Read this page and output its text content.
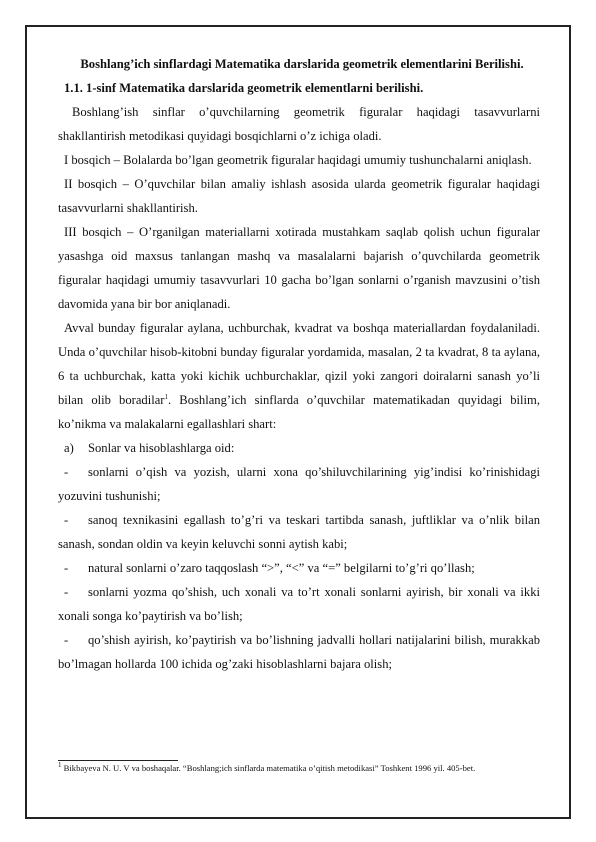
Boshlang’ich sinflardagi Matematika darslarida geometrik elementlarini Berilishi.

1.1. 1-sinf Matematika darslarida geometrik elementlarni berilishi.

Boshlang’ish sinflar o’quvchilarning geometrik figuralar haqidagi tasavvurlarni shakllantirish metodikasi quyidagi bosqichlarni o’z ichiga oladi.

I bosqich – Bolalarda bo’lgan geometrik figuralar haqidagi umumiy tushunchalarni aniqlash.

II bosqich – O’quvchilar bilan amaliy ishlash asosida ularda geometrik figuralar haqidagi tasavvurlarni shakllantirish.

III bosqich – O’rganilgan materiallarni xotirada mustahkam saqlab qolish uchun figuralar yasashga oid maxsus tanlangan mashq va masalalarni bajarish o’quvchilarda geometrik figuralar haqidagi umumiy tasavvurlari 10 gacha bo’lgan sonlarni o’rganish mavzusini o’tish davomida yana bir bor aniqlanadi.

Avval bunday figuralar aylana, uchburchak, kvadrat va boshqa materiallardan foydalaniladi. Unda o’quvchilar hisob-kitobni bunday figuralar yordamida, masalan, 2 ta kvadrat, 8 ta aylana, 6 ta uchburchak, katta yoki kichik uchburchaklar, qizil yoki zangori doiralarni sanash yo’li bilan olib boradilar$^1$. Boshlang’ich sinflarda o’quvchilar matematikadan quyidagi bilim, ko’nikma va malakalarni egallashlari shart:

a) Sonlar va hisoblashlarga oid:

- sonlarni o’qish va yozish, ularni xona qo’shiluvchilarining yig’indisi ko’rinishidagi yozuvini tushunishi;

- sanoq texnikasini egallash to’g’ri va teskari tartibda sanash, juftliklar va o’nlik bilan sanash, sondan oldin va keyin keluvchi sonni aytish kabi;

- natural sonlarni o’zaro taqqoslash “>”, “<” va “=” belgilarni to’g’ri qo’llash;

- sonlarni yozma qo’shish, uch xonali va to’rt xonali sonlarni ayirish, bir xonali va ikki xonali songa ko’paytirish va bo’lish;

- qo’shish ayirish, ko’paytirish va bo’lishning jadvalli hollari natijalarini bilish, murakkab bo’lmagan hollarda 100 ichida og’zaki hisoblashlarni bajara olish;

$^1$ Bikbayeva N. U. V va boshaqalar. “Boshlang;ich sinflarda matematika o’qitish metodikasi” Toshkent 1996 yil. 405-bet.
